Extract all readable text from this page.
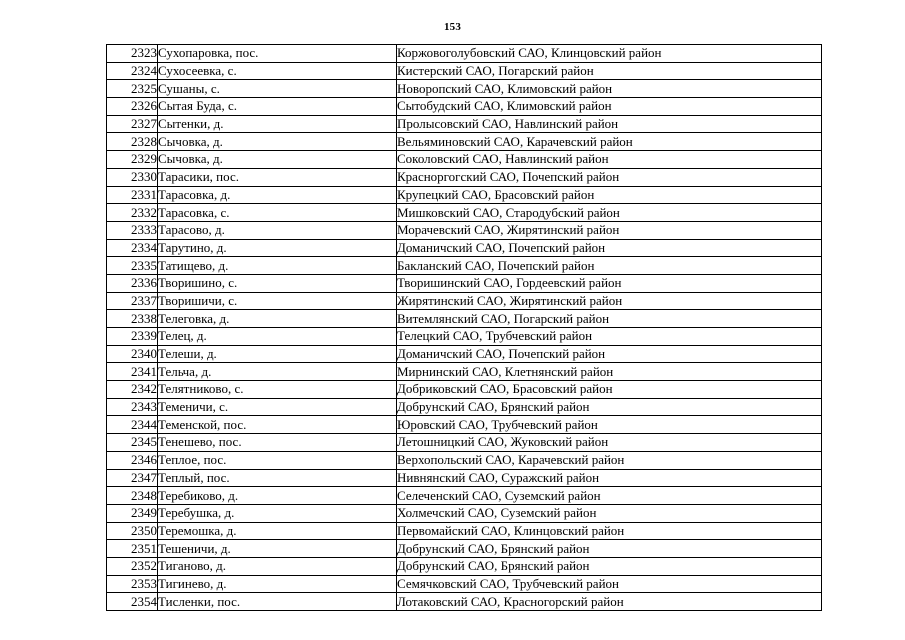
153
2323	Сухопаровка, пос.	Коржовоголубовский САО, Клинцовский район
2324	Сухосеевка, с.	Кистерский САО, Погарский район
2325	Сушаны, с.	Новоропский САО, Климовский район
2326	Сытая Буда, с.	Сытобудский САО, Климовский район
2327	Сытенки, д.	Пролысовский САО, Навлинский район
2328	Сычовка, д.	Вельяминовский САО, Карачевский район
2329	Сычовка, д.	Соколовский САО, Навлинский район
2330	Тарасики, пос.	Красноргогский САО, Почепский район
2331	Тарасовка, д.	Крупецкий САО, Брасовский район
2332	Тарасовка, с.	Мишковский САО, Стародубский район
2333	Тарасово, д.	Морачевский САО, Жирятинский район
2334	Тарутино, д.	Доманичский САО, Почепский район
2335	Татищево, д.	Бакланский САО, Почепский район
2336	Творишино, с.	Творишинский САО, Гордеевский район
2337	Творишичи, с.	Жирятинский САО, Жирятинский район
2338	Телеговка, д.	Витемлянский САО, Погарский район
2339	Телец, д.	Телецкий САО, Трубчевский район
2340	Телеши, д.	Доманичский САО, Почепский район
2341	Тельча, д.	Мирнинский САО, Клетнянский район
2342	Телятниково, с.	Добриковский САО, Брасовский район
2343	Теменичи, с.	Добрунский САО, Брянский район
2344	Теменской, пос.	Юровский САО, Трубчевский район
2345	Тенешево, пос.	Летошницкий САО, Жуковский район
2346	Теплое, пос.	Верхопольский САО, Карачевский район
2347	Теплый, пос.	Нивнянский САО, Суражский район
2348	Теребиково, д.	Селеченский САО, Суземский район
2349	Теребушка, д.	Холмечский САО, Суземский район
2350	Теремошка, д.	Первомайский САО, Клинцовский район
2351	Тешеничи, д.	Добрунский САО, Брянский район
2352	Тиганово, д.	Добрунский САО, Брянский район
2353	Тигинево, д.	Семячковский САО, Трубчевский район
2354	Тисленки, пос.	Лотаковский САО, Красногорский район
